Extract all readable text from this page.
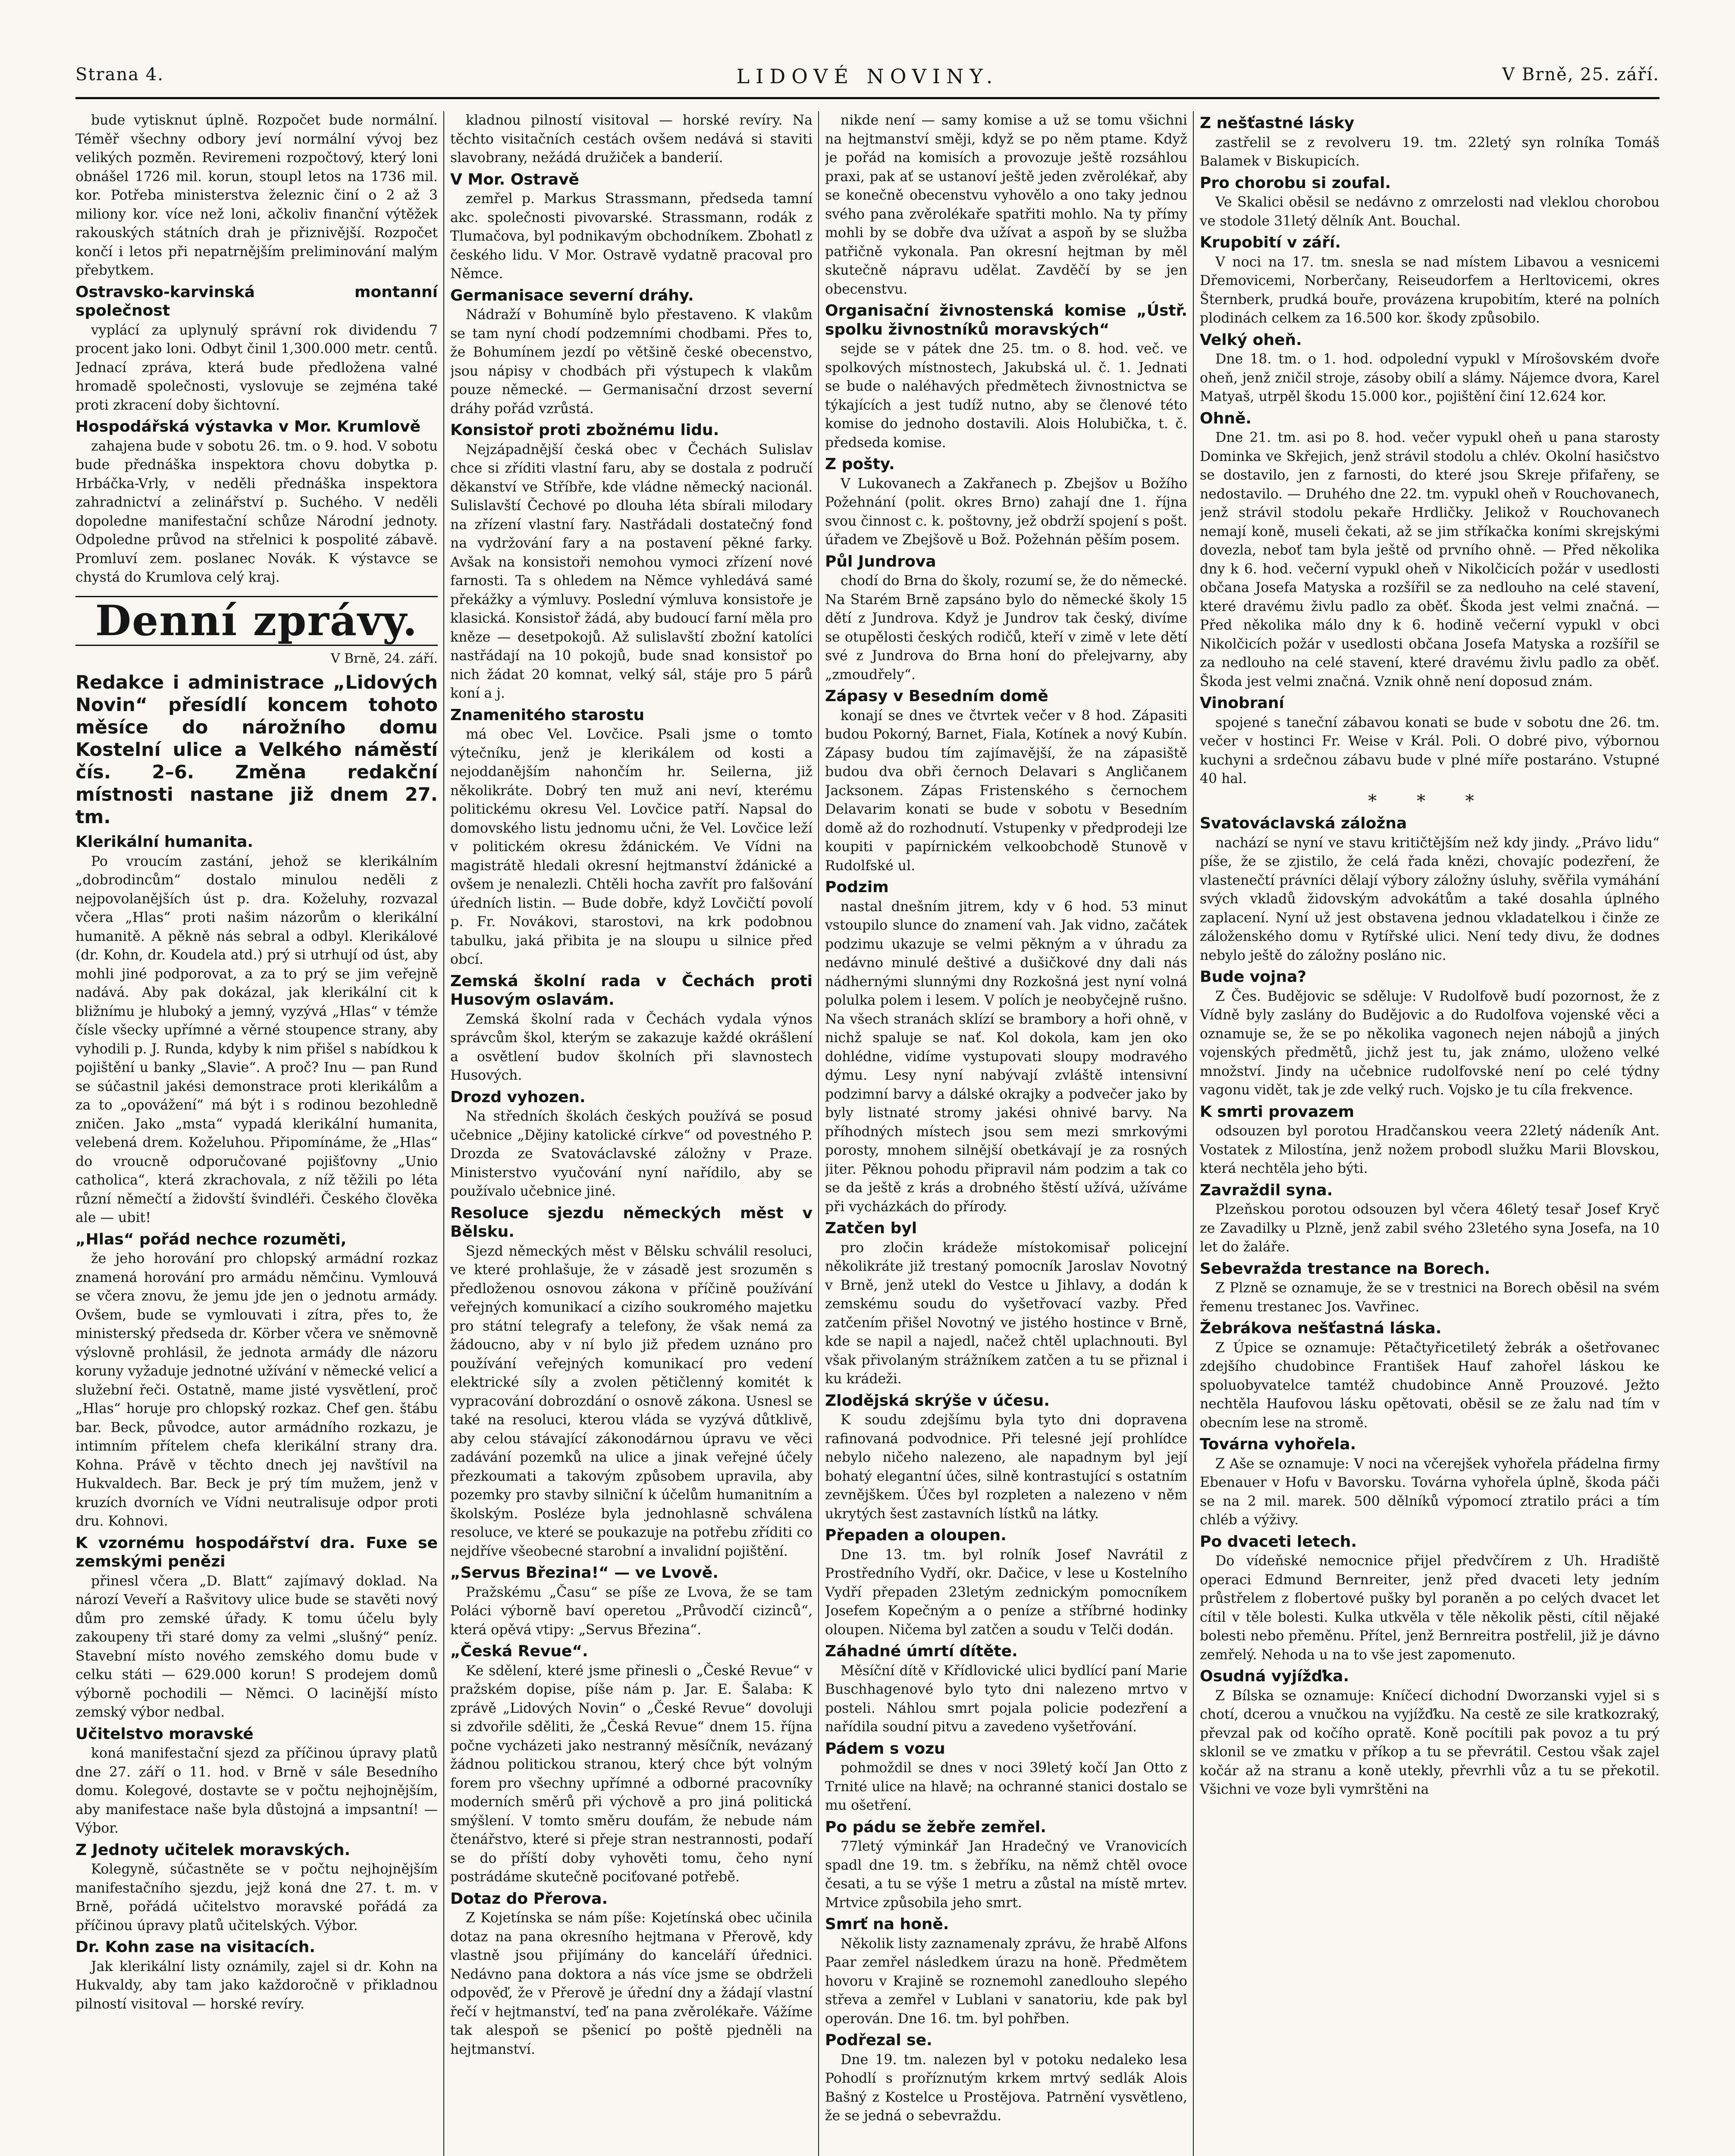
Strana 4.	LIDOVÉ NOVINY.	V Brně, 25. září.

bude vytisknut úplně. Rozpočet bude normální. Téměř všechny odbory jeví normální vývoj bez velikých pozměn. Reviremeni rozpočtový, který loni obnášel 1726 mil. korun, stoupl letos na 1736 mil. kor. Potřeba ministerstva železnic činí o 2 až 3 miliony kor. více než loni, ačkoliv finanční výtěžek rakouských státních drah je přiznivější. Rozpočet končí i letos při nepatrnějším preliminování malým přebytkem.

Ostravsko-karvinská montanní společnost

vyplácí za uplynulý správní rok dividendu 7 procent jako loni. Odbyt činil 1,300.000 metr. centů. Jednací zpráva, která bude předložena valné hromadě společnosti, vyslovuje se zejména také proti zkracení doby šichtovní.

Hospodářská výstavka v Mor. Krumlově

zahajena bude v sobotu 26. tm. o 9. hod. V sobotu bude přednáška inspektora chovu dobytka p. Hrbáčka-Vrly, v neděli přednáška inspektora zahradnictví a zelinářství p. Suchého. V neděli dopoledne manifestační schůze Národní jednoty. Odpoledne průvod na střelnici k pospolité zábavě. Promluví zem. poslanec Novák. K výstavce se chystá do Krumlova celý kraj.

Denní zprávy.
V Brně, 24. září.
Redakce i administrace „Lidových Novin“ přesídlí koncem tohoto měsíce do nárožního domu Kostelní ulice a Velkého náměstí čís. 2–6. Změna redakční místnosti nastane již dnem 27. tm.
Klerikální humanita.

Po vroucím zastání, jehož se klerikálním „dobrodincům“ dostalo minulou neděli z nejpovolanějších úst p. dra. Koželuhy, rozvazal včera „Hlas“ proti našim názorům o klerikální humanitě. A pěkně nás sebral a odbyl. Klerikálové (dr. Kohn, dr. Koudela atd.) prý si utrhují od úst, aby mohli jiné podporovat, a za to prý se jim veřejně nadává. Aby pak dokázal, jak klerikální cit k bližnímu je hluboký a jemný, vyzývá „Hlas“ v témže čísle všecky upřímné a věrné stoupence strany, aby vyhodili p. J. Runda, kdyby k nim přišel s nabídkou k pojištění u banky „Slavie“. A proč? Inu — pan Rund se súčastnil jakési demonstrace proti klerikálům a za to „opovážení“ má být i s rodinou bezohledně zničen. Jako „msta“ vypadá klerikální humanita, velebená drem. Koželuhou. Připomínáme, že „Hlas“ do vroucně odporučované pojišťovny „Unio catholica“, která zkrachovala, z níž těžili po léta různí němečtí a židovští švindléři. Českého člověka ale — ubit!

„Hlas“ pořád nechce rozuměti,

že jeho horování pro chlopský armádní rozkaz znamená horování pro armádu němčinu. Vymlouvá se včera znovu, že jemu jde jen o jednotu armády. Ovšem, bude se vymlouvati i zítra, přes to, že ministerský předseda dr. Körber včera ve sněmovně výslovně prohlásil, že jednota armády dle názoru koruny vyžaduje jednotné užívání v německé velicí a služební řeči. Ostatně, mame jisté vysvětlení, proč „Hlas“ horuje pro chlopský rozkaz. Chef gen. štábu bar. Beck, původce, autor armádního rozkazu, je intimním přítelem chefa klerikální strany dra. Kohna. Právě v těchto dnech jej navštívil na Hukvaldech. Bar. Beck je prý tím mužem, jenž v kruzích dvorních ve Vídni neutralisuje odpor proti dru. Kohnovi.

K vzornému hospodářství dra. Fuxe se zemskými penězi

přinesl včera „D. Blatt“ zajímavý doklad. Na nározí Veveří a Rašvitovy ulice bude se stavěti nový dům pro zemské úřady. K tomu účelu byly zakoupeny tři staré domy za velmi „slušný“ peníz. Stavební místo nového zemského domu bude v celku státi — 629.000 korun! S prodejem domů výborně pochodili — Němci. O lacinější místo zemský výbor nedbal.

Učitelstvo moravské

koná manifestační sjezd za příčinou úpravy platů dne 27. září o 11. hod. v Brně v sále Besedního domu. Kolegové, dostavte se v počtu nejhojnějším, aby manifestace naše byla důstojná a impsantní! — Výbor.

Z Jednoty učitelek moravských.

Kolegyně, súčastněte se v počtu nejhojnějším manifestačního sjezdu, jejž koná dne 27. t. m. v Brně, pořádá učitelstvo moravské pořádá za příčinou úpravy platů učitelských. Výbor.

Dr. Kohn zase na visitacích.

Jak klerikální listy oznámily, zajel si dr. Kohn na Hukvaldy, aby tam jako každoročně v přikladnou pilností visitoval — horské revíry.

kladnou pilností visitoval — horské revíry. Na těchto visitačních cestách ovšem nedává si staviti slavobrany, nežádá družiček a banderií.

V Mor. Ostravě

zemřel p. Markus Strassmann, předseda tamní akc. společnosti pivovarské. Strassmann, rodák z Tlumačova, byl podnikavým obchodníkem. Zbohatl z českého lidu. V Mor. Ostravě vydatně pracoval pro Němce.

Germanisace severní dráhy.

Nádraží v Bohumíně bylo přestaveno. K vlakům se tam nyní chodí podzemními chodbami. Přes to, že Bohumínem jezdí po většině české obecenstvo, jsou nápisy v chodbách při výstupech k vlakům pouze německé. — Germanisační drzost severní dráhy pořád vzrůstá.

Konsistoř proti zbožnému lidu.

Nejzápadnější česká obec v Čechách Sulislav chce si zříditi vlastní faru, aby se dostala z područí děkanství ve Stříbře, kde vládne německý nacionál. Sulislavští Čechové po dlouha léta sbírali milodary na zřízení vlastní fary. Nastřádali dostatečný fond na vydržování fary a na postavení pěkné farky. Avšak na konsistoři nemohou vymoci zřízení nové farnosti. Ta s ohledem na Němce vyhledává samé překážky a výmluvy. Poslední výmluva konsistoře je klasická. Konsistoř žádá, aby budoucí farní měla pro kněze — desetpokojů. Až sulislavští zbožní katolíci nastřádají na 10 pokojů, bude snad konsistoř po nich žádat 20 komnat, velký sál, stáje pro 5 párů koní a j.

Znamenitého starostu

má obec Vel. Lovčice. Psali jsme o tomto výtečníku, jenž je klerikálem od kosti a nejoddanějším nahončím hr. Seilerna, již několikráte. Dobrý ten muž ani neví, kterému politickému okresu Vel. Lovčice patří. Napsal do domovského listu jednomu učni, že Vel. Lovčice leží v politickém okresu ždánickém. Ve Vídni na magistrátě hledali okresní hejtmanství ždánické a ovšem je nenalezli. Chtěli hocha zavřít pro falšování úředních listin. — Bude dobře, když Lovčičtí povolí p. Fr. Novákovi, starostovi, na krk podobnou tabulku, jaká přibita je na sloupu u silnice před obcí.

Zemská školní rada v Čechách proti Husovým oslavám.

Zemská školní rada v Čechách vydala výnos správcům škol, kterým se zakazuje každé okrášlení a osvětlení budov školních při slavnostech Husových.

Drozd vyhozen.

Na středních školách českých používá se posud učebnice „Dějiny katolické církve“ od povestného P. Drozda ze Svatováclavské záložny v Praze. Ministerstvo vyučování nyní nařídilo, aby se používalo učebnice jiné.

Resoluce sjezdu německých měst v Bělsku.

Sjezd německých měst v Bělsku schválil resoluci, ve které prohlašuje, že v zásadě jest srozuměn s předloženou osnovou zákona v příčině používání veřejných komunikací a cizího soukromého majetku pro státní telegrafy a telefony, že však nemá za žádoucno, aby v ní bylo již předem uznáno pro používání veřejných komunikací pro vedení elektrické síly a zvolen pětičlenný komitét k vypracování dobrozdání o osnově zákona. Usnesl se také na resoluci, kterou vláda se vyzývá důtklivě, aby celou stávající zákonodárnou úpravu ve věci zadávání pozemků na ulice a jinak veřejné účely přezkoumati a takovým způsobem upravila, aby pozemky pro stavby silniční k účelům humanitním a školským. Posléze byla jednohlasně schválena resoluce, ve které se poukazuje na potřebu zříditi co nejdříve všeobecné starobní a invalidní pojištění.

„Servus Březina!“ — ve Lvově.

Pražskému „Času“ se píše ze Lvova, že se tam Poláci výborně baví operetou „Průvodčí cizinců“, která opěvá vtipy: „Servus Březina“.

„Česká Revue“.

Ke sdělení, které jsme přinesli o „České Revue“ v pražském dopise, píše nám p. Jar. E. Šalaba: K zprávě „Lidových Novin“ o „České Revue“ dovoluji si zdvořile sděliti, že „Česká Revue“ dnem 15. října počne vycházeti jako nestranný měsíčník, nevázaný žádnou politickou stranou, který chce být volným forem pro všechny upřímné a odborné pracovníky moderních směrů při výchově a pro jiná politická smýšlení. V tomto směru doufám, že nebude nám čtenářstvo, které si přeje stran nestrannosti, podaří se do příští doby vyhověti tomu, čeho nyní postrádáme skutečně pociťované potřebě.

Dotaz do Přerova.

Z Kojetínska se nám píše: Kojetínská obec učinila dotaz na pana okresního hejtmana v Přerově, kdy vlastně jsou přijímány do kanceláří úřednici. Nedávno pana doktora a nás více jsme se obdrželi odpověď, že v Přerově je úřední dny a žádají vlastní řečí v hejtmanství, teď na pana zvěrolékaře. Vážíme tak alespoň se pšenicí po poště pjedněli na hejtmanství.

nikde není — samy komise a už se tomu všichni na hejtmanství směji, když se po něm ptame. Když je pořád na komisích a provozuje ještě rozsáhlou praxi, pak ať se ustanoví ještě jeden zvěrolékař, aby se konečně obecenstvu vyhovělo a ono taky jednou svého pana zvěrolékaře spatřiti mohlo. Na ty přímy mohli by se dobře dva užívat a aspoň by se služba patřičně vykonala. Pan okresní hejtman by měl skutečně nápravu udělat. Zavděčí by se jen obecenstvu.

Organisační živnostenská komise „Ústř. spolku živnostníků moravských“

sejde se v pátek dne 25. tm. o 8. hod. več. ve spolkových místnostech, Jakubská ul. č. 1. Jednati se bude o naléhavých předmětech živnostnictva se týkajících a jest tudíž nutno, aby se členové této komise do jednoho dostavili. Alois Holubička, t. č. předseda komise.

Z pošty.

V Lukovanech a Zakřanech p. Zbejšov u Božího Požehnání (polit. okres Brno) zahají dne 1. října svou činnost c. k. poštovny, jež obdrží spojení s pošt. úřadem ve Zbejšově u Bož. Požehnán pěším posem.

Půl Jundrova

chodí do Brna do školy, rozumí se, že do německé. Na Starém Brně zapsáno bylo do německé školy 15 dětí z Jundrova. Když je Jundrov tak český, divíme se otupělosti českých rodičů, kteří v zimě v lete dětí své z Jundrova do Brna honí do přelejvarny, aby „zmoudřely“.

Zápasy v Besedním domě

konají se dnes ve čtvrtek večer v 8 hod. Zápasiti budou Pokorný, Barnet, Fiala, Kotínek a nový Kubín. Zápasy budou tím zajímavější, že na zápasiště budou dva obři černoch Delavari s Angličanem Jacksonem. Zápas Fristenského s černochem Delavarim konati se bude v sobotu v Besedním domě až do rozhodnutí. Vstupenky v předprodeji lze koupiti v papírnickém velkoobchodě Stunově v Rudolfské ul.

Podzim

nastal dnešním jitrem, kdy v 6 hod. 53 minut vstoupilo slunce do znamení vah. Jak vidno, začátek podzimu ukazuje se velmi pěkným a v úhradu za nedávno minulé deštivé a dušičkové dny dali nás nádhernými slunnými dny Rozkošná jest nyní volná polulka polem i lesem. V polích je neobyčejně rušno. Na všech stranách sklízí se brambory a hoři ohně, v nichž spaluje se nať. Kol dokola, kam jen oko dohlédne, vidíme vystupovati sloupy modravého dýmu. Lesy nyní nabývají zvláště intensivní podzimní barvy a dálské okrajky a podvečer jako by byly listnaté stromy jakési ohnivé barvy. Na příhodných místech jsou sem mezi smrkovými porosty, mnohem silnější obetkávají je za rosných jiter. Pěknou pohodu připravil nám podzim a tak co se da ještě z krás a drobného štěstí užívá, užíváme při vycházkách do přírody.

Zatčen byl

pro zločin krádeže místokomisař policejní několikráte již trestaný pomocník Jaroslav Novotný v Brně, jenž utekl do Vestce u Jihlavy, a dodán k zemskému soudu do vyšetřovací vazby. Před zatčením přišel Novotný ve jistého hostince v Brně, kde se napil a najedl, načež chtěl uplachnouti. Byl však přivolaným strážníkem zatčen a tu se přiznal i ku krádeži.

Zlodějská skrýše v účesu.

K soudu zdejšímu byla tyto dni dopravena rafinovaná podvodnice. Při telesné její prohlídce nebylo ničeho nalezeno, ale napadnym byl její bohatý elegantní účes, silně kontrastující s ostatním zevnějškem. Účes byl rozpleten a nalezeno v něm ukrytých šest zastavních lístků na látky.

Přepaden a oloupen.

Dne 13. tm. byl rolník Josef Navrátil z Prostředního Vydří, okr. Dačice, v lese u Kostelního Vydří přepaden 23letým zednickým pomocníkem Josefem Kopečným a o peníze a stříbrné hodinky oloupen. Ničema byl zatčen a soudu v Telči dodán.

Záhadné úmrtí dítěte.

Měsíční dítě v Křídlovické ulici bydlící paní Marie Buschhagenové bylo tyto dni nalezeno mrtvo v posteli. Náhlou smrt pojala policie podezření a nařídila soudní pitvu a zavedeno vyšetřování.

Pádem s vozu

pohmoždil se dnes v noci 39letý kočí Jan Otto z Trnité ulice na hlavě; na ochranné stanici dostalo se mu ošetření.

Po pádu se žebře zemřel.

77letý výminkář Jan Hradečný ve Vranovicích spadl dne 19. tm. s žebříku, na němž chtěl ovoce česati, a tu se výše 1 metru a zůstal na místě mrtev. Mrtvice způsobila jeho smrt.

Smrť na honě.

Několik listy zaznamenaly zprávu, že hrabě Alfons Paar zemřel následkem úrazu na honě. Předmětem hovoru v Krajině se roznemohl zanedlouho slepého střeva a zemřel v Lublani v sanatoriu, kde pak byl operován. Dne 16. tm. byl pohřben.

Podřezal se.

Dne 19. tm. nalezen byl v potoku nedaleko lesa Pohodlí s proříznutým krkem mrtvý sedlák Alois Bašný z Kostelce u Prostějova. Patrnění vysvětleno, že se jedná o sebevraždu.

Z nešťastné lásky

zastřelil se z revolveru 19. tm. 22letý syn rolníka Tomáš Balamek v Biskupicích.

Pro chorobu si zoufal.

Ve Skalici oběsil se nedávno z omrzelosti nad vleklou chorobou ve stodole 31letý dělník Ant. Bouchal.

Krupobití v září.

V noci na 17. tm. snesla se nad místem Libavou a vesnicemi Dřemovicemi, Norberčany, Reiseudorfem a Herltovicemi, okres Šternberk, prudká bouře, provázena krupobitím, které na polních plodinách celkem za 16.500 kor. škody způsobilo.

Velký oheň.

Dne 18. tm. o 1. hod. odpolední vypukl v Mírošovském dvoře oheň, jenž zničil stroje, zásoby obilí a slámy. Nájemce dvora, Karel Matyaš, utrpěl škodu 15.000 kor., pojištění činí 12.624 kor.

Ohně.

Dne 21. tm. asi po 8. hod. večer vypukl oheň u pana starosty Dominka ve Skřejich, jenž strávil stodolu a chlév. Okolní hasičstvo se dostavilo, jen z farnosti, do které jsou Skreje přifařeny, se nedostavilo. — Druhého dne 22. tm. vypukl oheň v Rouchovanech, jenž strávil stodolu pekaře Hrdličky. Jelikož v Rouchovanech nemají koně, museli čekati, až se jim stříkačka koními skrejskými dovezla, neboť tam byla ještě od prvního ohně. — Před několika dny k 6. hod. večerní vypukl oheň v Nikolčicích požár v usedlosti občana Josefa Matyska a rozšířil se za nedlouho na celé stavení, které dravému živlu padlo za oběť. Škoda jest velmi značná. — Před několika málo dny k 6. hodině večerní vypukl v obci Nikolčicích požár v usedlosti občana Josefa Matyska a rozšířil se za nedlouho na celé stavení, které dravému živlu padlo za oběť. Škoda jest velmi značná. Vznik ohně není doposud znám.

Vinobraní

spojené s taneční zábavou konati se bude v sobotu dne 26. tm. večer v hostinci Fr. Weise v Král. Poli. O dobré pivo, výbornou kuchyni a srdečnou zábavu bude v plné míře postaráno. Vstupné 40 hal.

* * *
Svatováclavská záložna

nachází se nyní ve stavu kritičtějším než kdy jindy. „Právo lidu“ píše, že se zjistilo, že celá řada knězi, chovajíc podezření, že vlastenečtí právníci dělají výbory záložny úsluhy, svěřila vymáhání svých vkladů židovským advokátům a také dosahla úplného zaplacení. Nyní už jest obstavena jednou vkladatelkou i činže ze záloženského domu v Rytířské ulici. Není tedy divu, že dodnes nebylo ještě do záložny posláno nic.

Bude vojna?

Z Čes. Budějovic se sděluje: V Rudolfově budí pozornost, že z Vídně byly zaslány do Budějovic a do Rudolfova vojenské věci a oznamuje se, že se po několika vagonech nejen nábojů a jiných vojenských předmětů, jichž jest tu, jak známo, uloženo velké množství. Jindy na učebnice rudolfovské není po celé týdny vagonu vidět, tak je zde velký ruch. Vojsko je tu cíla frekvence.

K smrti provazem

odsouzen byl porotou Hradčanskou veera 22letý nádeník Ant. Vostatek z Milostína, jenž nožem probodl služku Marii Blovskou, která nechtěla jeho býti.

Zavraždil syna.

Plzeňskou porotou odsouzen byl včera 46letý tesař Josef Kryč ze Zavadilky u Plzně, jenž zabil svého 23letého syna Josefa, na 10 let do žaláře.

Sebevražda trestance na Borech.

Z Plzně se oznamuje, že se v trestnici na Borech oběsil na svém řemenu trestanec Jos. Vavřinec.

Žebrákova nešťastná láska.

Z Úpice se oznamuje: Pětačtyřicetiletý žebrák a ošetřovanec zdejšího chudobince František Hauf zahořel láskou ke spoluobyvatelce tamtéž chudobince Anně Prouzové. Ježto nechtěla Haufovou lásku opětovati, oběsil se ze žalu nad tím v obecním lese na stromě.

Továrna vyhořela.

Z Aše se oznamuje: V noci na včerejšek vyhořela přádelna firmy Ebenauer v Hofu v Bavorsku. Továrna vyhořela úplně, škoda páči se na 2 mil. marek. 500 dělníků výpomocí ztratilo práci a tím chléb a výživy.

Po dvaceti letech.

Do vídeňské nemocnice přijel předvčírem z Uh. Hradiště operaci Edmund Bernreiter, jenž před dvaceti lety jedním průstřelem z flobertové pušky byl poraněn a po celých dvacet let cítil v těle bolesti. Kulka utkvěla v těle několik pěsti, cítil nějaké bolesti nebo přeměnu. Přítel, jenž Bernreitra postřelil, již je dávno zemřelý. Nehoda u na to vše jest zapomenuto.

Osudná vyjížďka.

Z Bílska se oznamuje: Kníčecí dichodní Dworzanski vyjel si s chotí, dcerou a vnučkou na vyjížďku. Na cestě ze sile kratkozraký, převzal pak od kočího opratě. Koně pocítili pak povoz a tu prý sklonil se ve zmatku v příkop a tu se převrátil. Cestou však zajel kočár až na stranu a koně utekly, převrhli vůz a tu se překotil. Všichni ve voze byli vymrštěni na
